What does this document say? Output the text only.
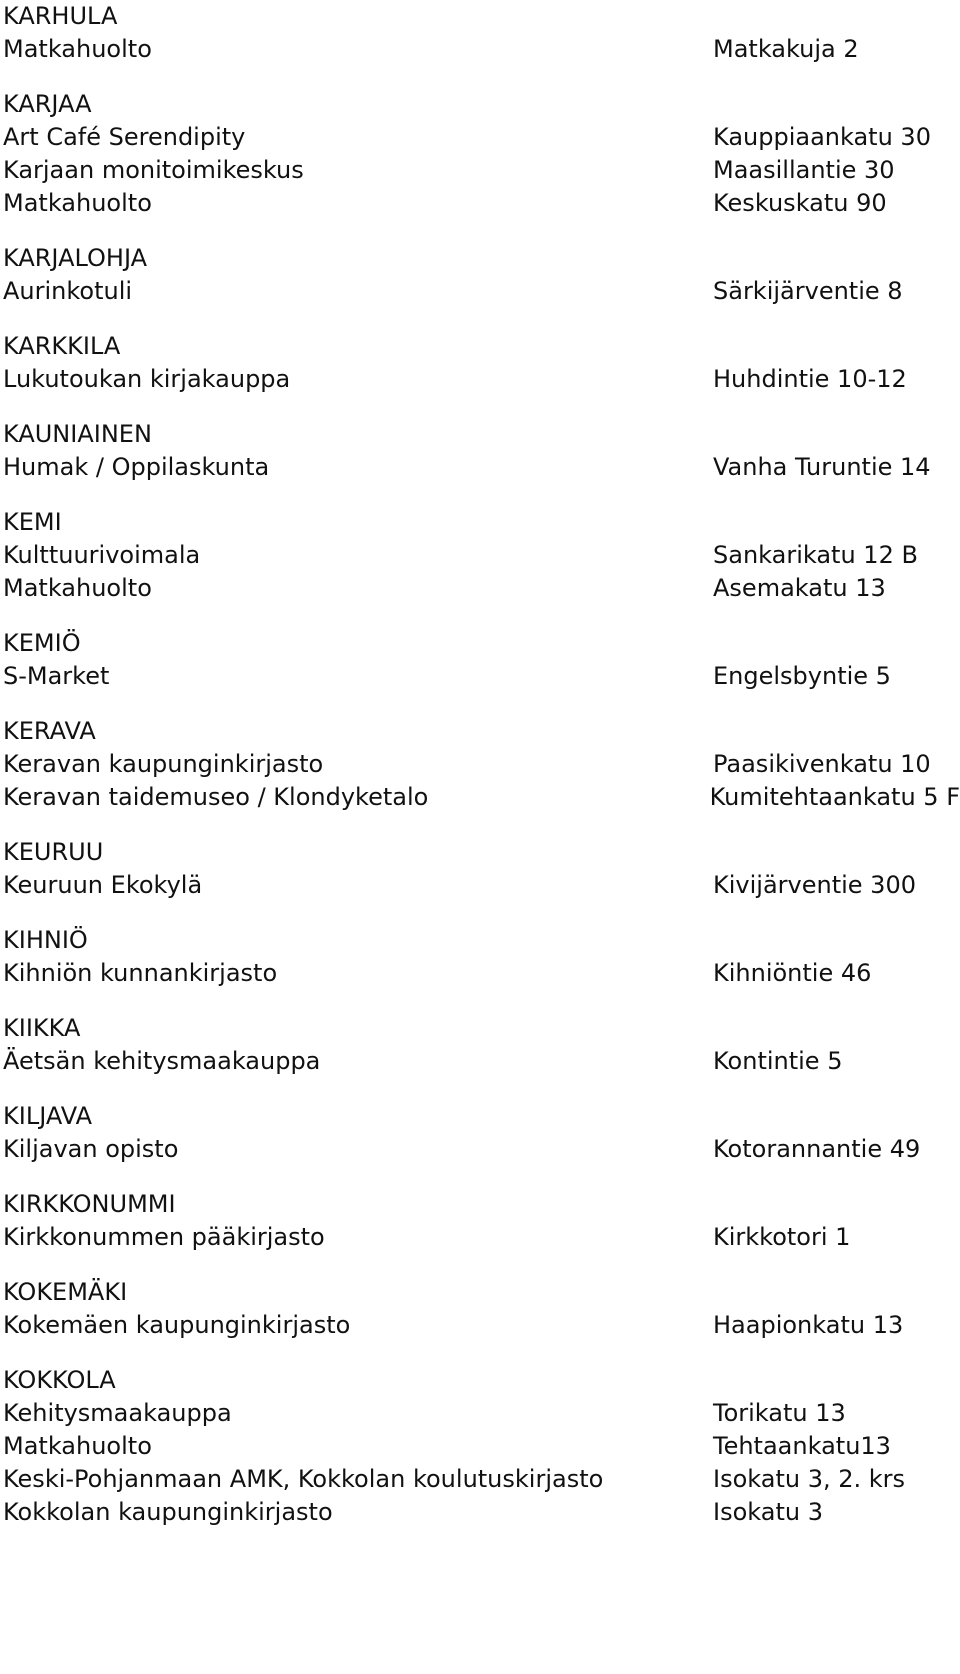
KARHULA
Matkahuolto	Matkakuja 2
KARJAA
Art Café Serendipity	Kauppiaankatu 30
Karjaan monitoimikeskus	Maasillantie 30
Matkahuolto	Keskuskatu 90
KARJALOHJA
Aurinkotuli	Särkijärventie 8
KARKKILA
Lukutoukan kirjakauppa	Huhdintie 10-12
KAUNIAINEN
Humak / Oppilaskunta	Vanha Turuntie 14
KEMI
Kulttuurivoimala	Sankarikatu 12 B
Matkahuolto	Asemakatu 13
KEMIÖ
S-Market	Engelsbyntie 5
KERAVA
Keravan kaupunginkirjasto	Paasikivenkatu 10
Keravan taidemuseo / Klondyketalo	Kumitehtaankatu 5 F
KEURUU
Keuruun Ekokylä	Kivijärventie 300
KIHNIÖ
Kihniön kunnankirjasto	Kihniöntie 46
KIIKKA
Äetsän kehitysmaakauppa	Kontintie 5
KILJAVA
Kiljavan opisto	Kotorannantie 49
KIRKKONUMMI
Kirkkonummen pääkirjasto	Kirkkotori 1
KOKEMÄKI
Kokemäen kaupunginkirjasto	Haapionkatu 13
KOKKOLA
Kehitysmaakauppa	Torikatu 13
Matkahuolto	Tehtaankatu13
Keski-Pohjanmaan AMK, Kokkolan koulutuskirjasto	Isokatu 3, 2. krs
Kokkolan kaupunginkirjasto	Isokatu 3
